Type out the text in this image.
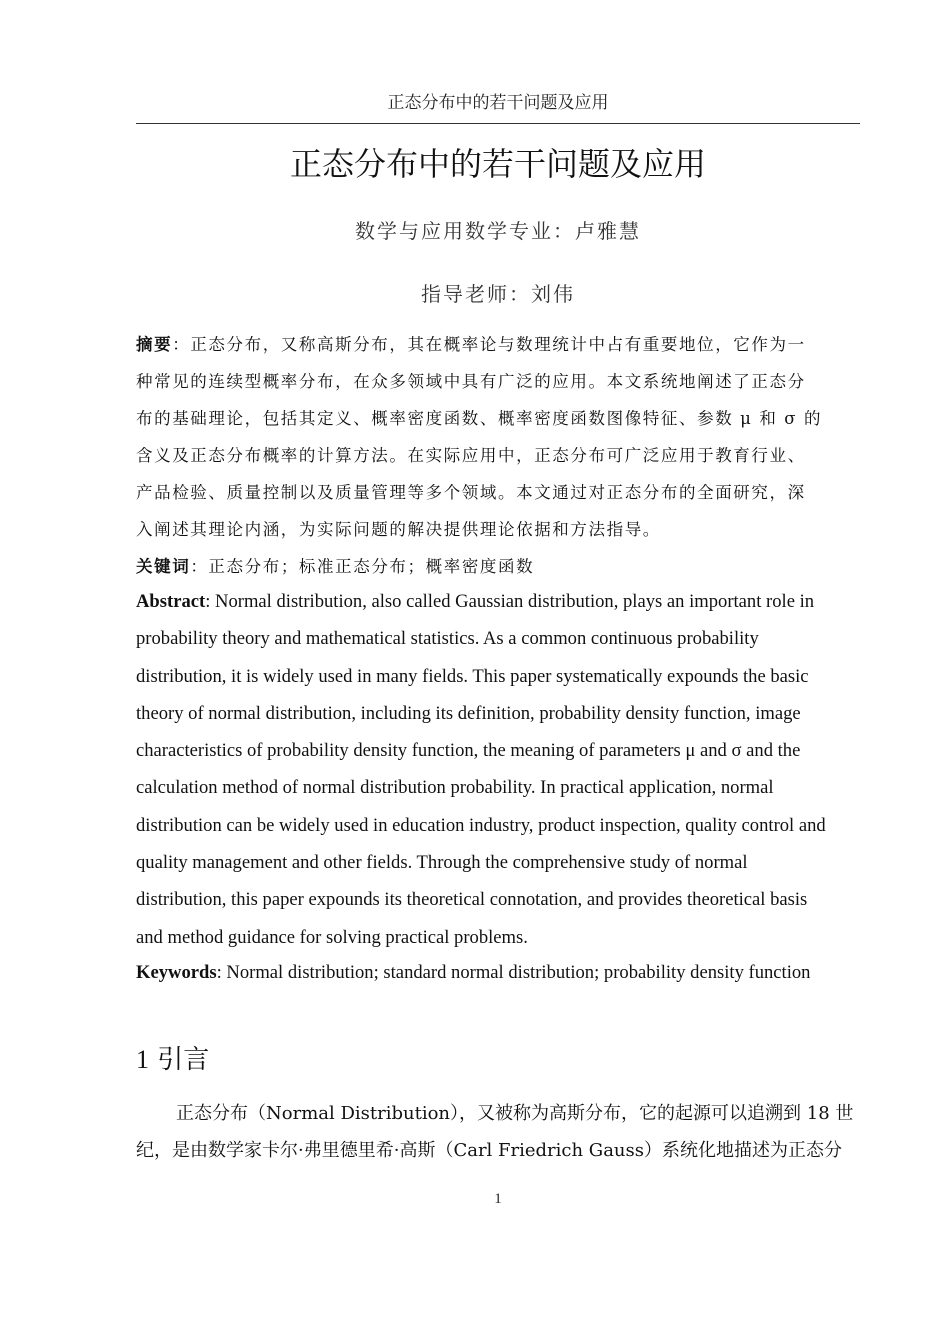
正态分布中的若干问题及应用
正态分布中的若干问题及应用
数学与应用数学专业：卢雅慧
指导老师：刘伟
摘要：正态分布，又称高斯分布，其在概率论与数理统计中占有重要地位，它作为一
种常见的连续型概率分布，在众多领域中具有广泛的应用。本文系统地阐述了正态分
布的基础理论，包括其定义、概率密度函数、概率密度函数图像特征、参数 μ 和 σ 的
含义及正态分布概率的计算方法。在实际应用中，正态分布可广泛应用于教育行业、
产品检验、质量控制以及质量管理等多个领域。本文通过对正态分布的全面研究，深
入阐述其理论内涵，为实际问题的解决提供理论依据和方法指导。
关键词：正态分布；标准正态分布；概率密度函数
Abstract: Normal distribution, also called Gaussian distribution, plays an important role in
probability theory and mathematical statistics. As a common continuous probability
distribution, it is widely used in many fields. This paper systematically expounds the basic
theory of normal distribution, including its definition, probability density function, image
characteristics of probability density function, the meaning of parameters μ and σ and the
calculation method of normal distribution probability. In practical application, normal
distribution can be widely used in education industry, product inspection, quality control and
quality management and other fields. Through the comprehensive study of normal
distribution, this paper expounds its theoretical connotation, and provides theoretical basis
and method guidance for solving practical problems.
Keywords: Normal distribution; standard normal distribution; probability density function
1 引言
正态分布（Normal Distribution），又被称为高斯分布，它的起源可以追溯到 18 世
纪，是由数学家卡尔·弗里德里希·高斯（Carl Friedrich Gauss）系统化地描述为正态分
1
